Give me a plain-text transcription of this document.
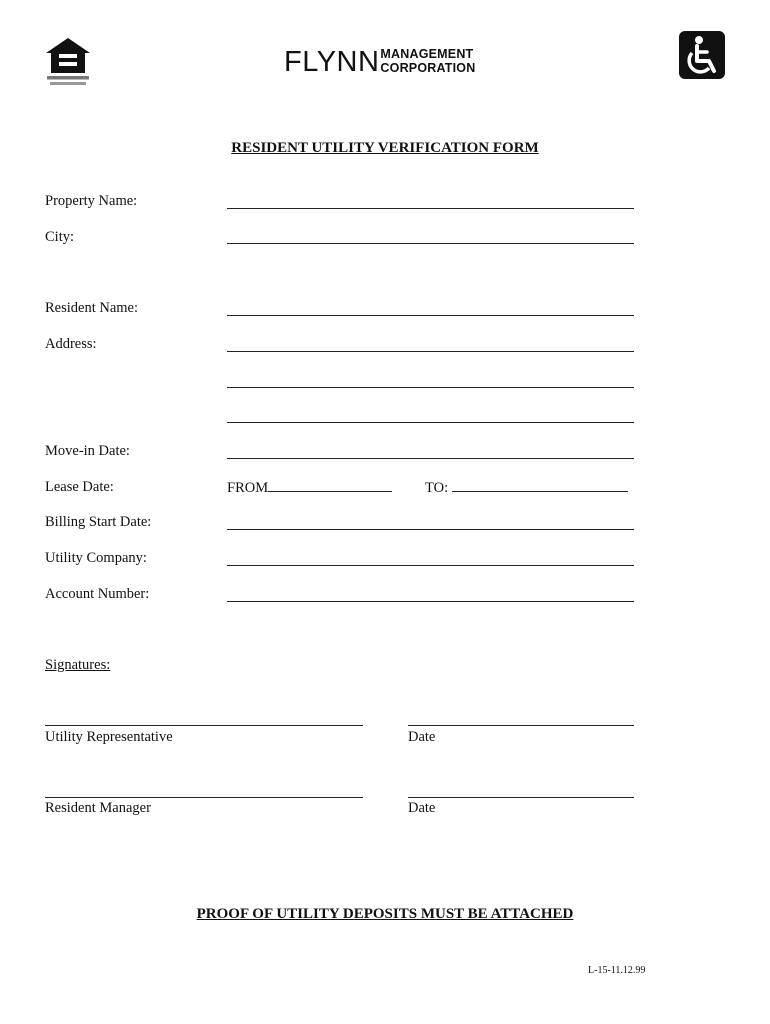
FLYNNMANAGEMENT
CORPORATION
RESIDENT UTILITY VERIFICATION FORM
Property Name:
City:
Resident Name:
Address:
Move-in Date:
Lease Date:	FROM	TO:
Billing Start Date:
Utility Company:
Account Number:
Signatures:
Utility Representative	Date
Resident Manager	Date
PROOF OF UTILITY DEPOSITS MUST BE ATTACHED
L-15-11.12.99
